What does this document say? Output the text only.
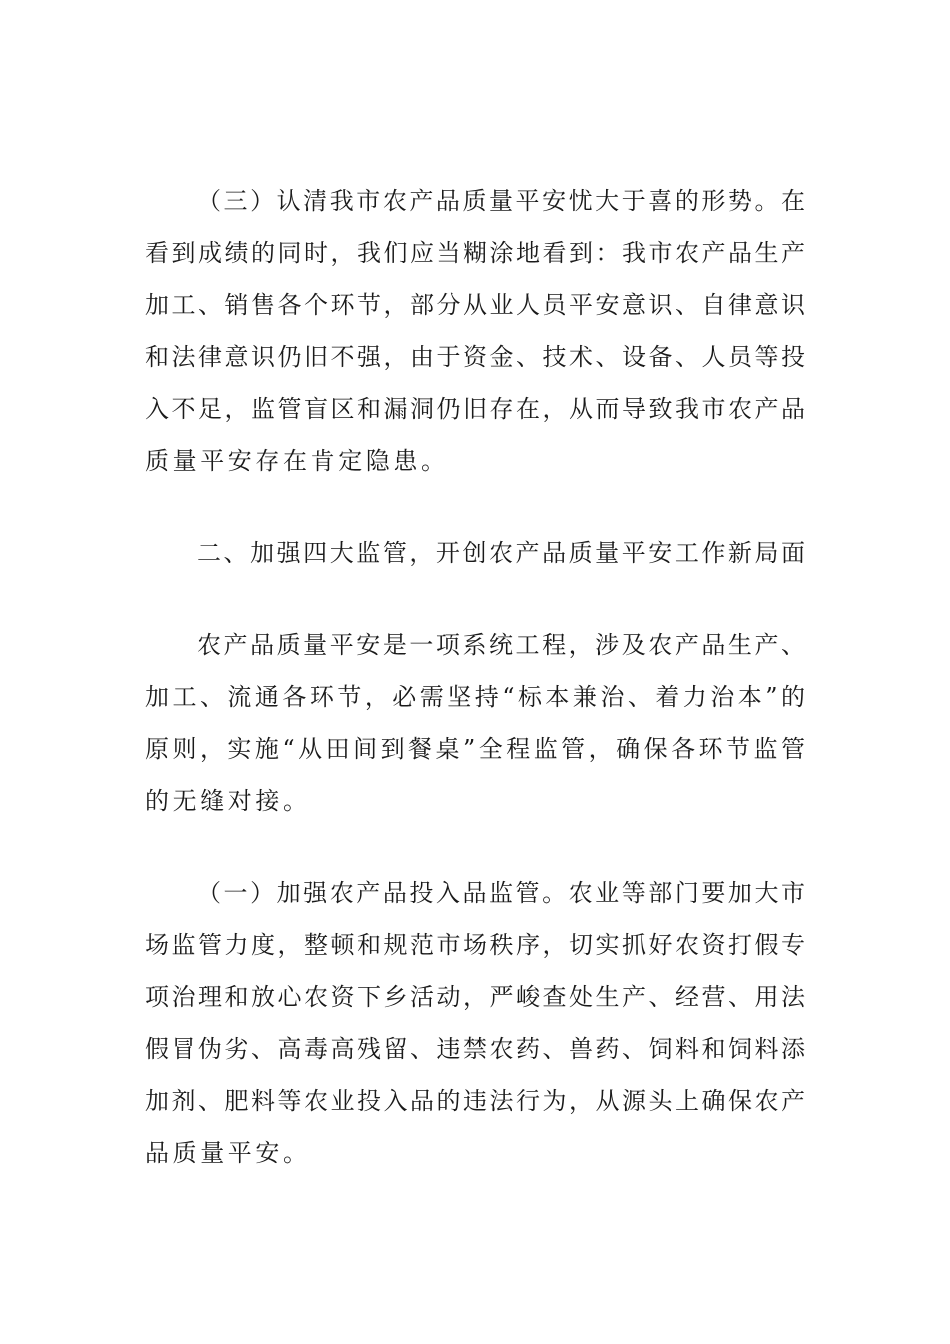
（三）认清我市农产品质量平安忧大于喜的形势。在
看到成绩的同时，我们应当糊涂地看到：我市农产品生产
加工、销售各个环节，部分从业人员平安意识、自律意识
和法律意识仍旧不强，由于资金、技术、设备、人员等投
入不足，监管盲区和漏洞仍旧存在，从而导致我市农产品
质量平安存在肯定隐患。
二、加强四大监管，开创农产品质量平安工作新局面
农产品质量平安是一项系统工程，涉及农产品生产、
加工、流通各环节，必需坚持“标本兼治、着力治本”的
原则，实施“从田间到餐桌”全程监管，确保各环节监管
的无缝对接。
（一）加强农产品投入品监管。农业等部门要加大市
场监管力度，整顿和规范市场秩序，切实抓好农资打假专
项治理和放心农资下乡活动，严峻查处生产、经营、用法
假冒伪劣、高毒高残留、违禁农药、兽药、饲料和饲料添
加剂、肥料等农业投入品的违法行为，从源头上确保农产
品质量平安。
